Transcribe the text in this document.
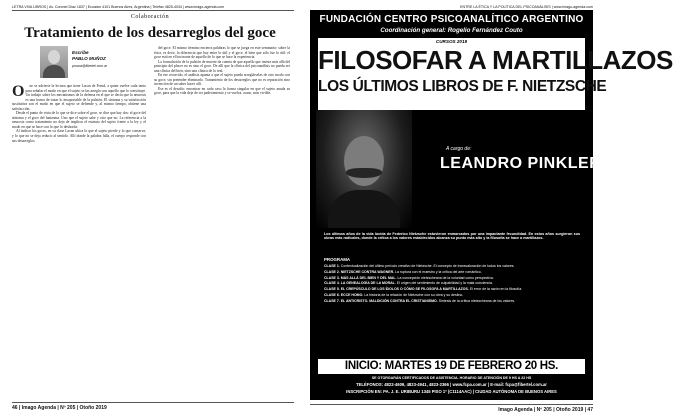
LETRA VIVA LIBROS | Av. Coronel Díaz 1837 | Ecuador 4101 Buenos Aires, Argentina | Telefax 4825-4034 | www.imago-agenda.com
Colaboración
Tratamiento de los desarreglos del goce
Escribe
PABLO MUÑOZ
pmuoz@fibertel.com.ar
O	ne se advierte la lectura que tiene Lacan de Freud, a quien vuelve cada tanto para señalar el modo en que el sujeto se las arregla con aquello que lo constituye. Un trabajo sobre los mecanismos de la defensa en el que se decía que la neurosis es una forma de tratar lo insoportable de la pulsión. El síntoma y su satisfacción sustitutiva son el modo en que el sujeto se defiende y, al mismo tiempo, obtiene una satisfacción.

Desde el punto de vista de lo que se dice sobre el goce, se dice que hay dos: el goce del síntoma y el goce del fantasma. Uno que el sujeto sabe y otro que no. La referencia a la neurosis como tratamiento no deja de implicar el estatuto del sujeto frente a la ley y el modo en que se hace con lo que lo desborda.

Al indicar los goces, en su clase Lacan ubica lo que el sujeto pierde y lo que conserva, y lo que no se deja reducir al sentido. Allí donde la palabra falla, el cuerpo responde con sus desarreglos.

del goce. El mismo término encierra palabras lo que se juega en este seminario: sobre la ética, es decir, la diferencia que hay entre lo útil y el goce, el bien que sólo fue lo útil: el goce está en el horizonte de aquello de lo que se hace la experiencia.

La formulación de la pulsión de muerte da cuenta de que aquello que insiste más allá del principio del placer no es sino el goce. De allí que la clínica del psicoanálisis no pueda ser una clínica del bien, sino una clínica de lo real.

En ese recorrido, el análisis apunta a que el sujeto pueda arreglárselas de otro modo con su goce, sin pretender eliminarlo. Tratamiento de los desarreglos que no es reparación sino invención de un saber hacer allí.

Ese es el desafío: encontrar en cada caso la forma singular en que el sujeto anuda su goce, para que la vida deje de ser padecimiento y se vuelva, acaso, más vivible.

46 | Imago Agenda | Nº 205 | Otoño 2019
ENTRE LA ÉTICA Y LA POLÍTICA DEL PSICOANÁLISIS | www.imago-agenda.com
FUNDACIÓN CENTRO PSICOANALÍTICO ARGENTINO
Coordinación general: Rogelio Fernández Couto
CURSOS 2019
FILOSOFAR A MARTILLAZOS
LOS ÚLTIMOS LIBROS DE F. NIETZSCHE
A cargo de:
LEANDRO PINKLER
Los últimos años de la vida lúcida de Federico Nietzsche estuvieron enmarcados por una impactante fecundidad. En estos años surgieron sus obras más radicales, donde la crítica a los valores establecidos alcanza su punto más alto y la filosofía se hace a martillazos.
PROGRAMA

CLASE 1. Contextualización del último período creativo de Nietzsche. El concepto de transvaloración de todos los valores.

CLASE 2. NIETZSCHE CONTRA WAGNER. La ruptura con el maestro y la crítica del arte romántico.

CLASE 3. MÁS ALLÁ DEL BIEN Y DEL MAL. La concepción nietzscheana de la voluntad como perspectiva.

CLASE 4. LA GENEALOGÍA DE LA MORAL. El origen del sentimiento de culpabilidad y la mala conciencia.

CLASE 5. EL CREPÚSCULO DE LOS ÍDOLOS O CÓMO SE FILOSOFA A MARTILLAZOS. El error de la razón en la filosofía.

CLASE 6. ECCE HOMO. La historia de la relación de Nietzsche con su obra y su destino.

CLASE 7. EL ANTICRISTO. MALDICIÓN CONTRA EL CRISTIANISMO. Síntesis de la crítica nietzscheana de los valores.

INICIO: MARTES 19 DE FEBRERO 20 HS.
SE OTORGARÁN CERTIFICADOS DE ASISTENCIA. HORARIO DE ATENCIÓN DE 9 HS A 22 HS
TELÉFONOS: 4822-4609, 4823-4941, 4823-2366 | www.fcpa.com.ar | E-mail: fcpa@fibertel.com.ar
INSCRIPCIÓN EN: PA. J. E. URIBURU 1345 PISO 1º (C1114AAC) | CIUDAD AUTÓNOMA DE BUENOS AIRES
Imago Agenda | Nº 205 | Otoño 2019 | 47
